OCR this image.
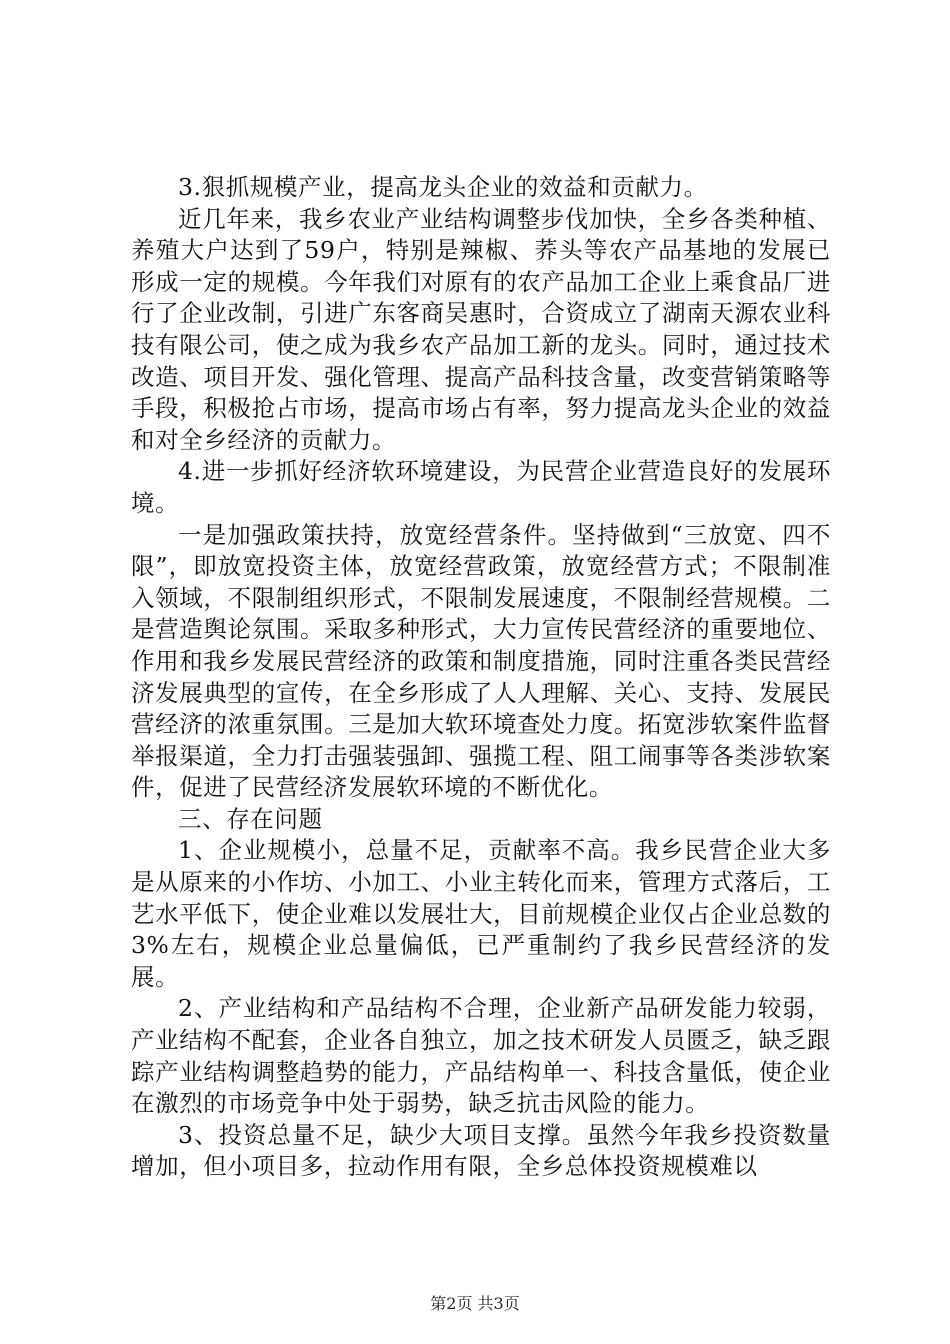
3.狠抓规模产业，提高龙头企业的效益和贡献力。

近几年来，我乡农业产业结构调整步伐加快，全乡各类种植、养殖大户达到了59户，特别是辣椒、荞头等农产品基地的发展已形成一定的规模。今年我们对原有的农产品加工企业上乘食品厂进行了企业改制，引进广东客商吴惠时，合资成立了湖南天源农业科技有限公司，使之成为我乡农产品加工新的龙头。同时，通过技术改造、项目开发、强化管理、提高产品科技含量，改变营销策略等手段，积极抢占市场，提高市场占有率，努力提高龙头企业的效益和对全乡经济的贡献力。

4.进一步抓好经济软环境建设，为民营企业营造良好的发展环境。

一是加强政策扶持，放宽经营条件。坚持做到“三放宽、四不限”，即放宽投资主体，放宽经营政策，放宽经营方式；不限制准入领域，不限制组织形式，不限制发展速度，不限制经营规模。二是营造舆论氛围。采取多种形式，大力宣传民营经济的重要地位、作用和我乡发展民营经济的政策和制度措施，同时注重各类民营经济发展典型的宣传，在全乡形成了人人理解、关心、支持、发展民营经济的浓重氛围。三是加大软环境查处力度。拓宽涉软案件监督举报渠道，全力打击强装强卸、强揽工程、阻工闹事等各类涉软案件，促进了民营经济发展软环境的不断优化。

三、存在问题

1、企业规模小，总量不足，贡献率不高。我乡民营企业大多是从原来的小作坊、小加工、小业主转化而来，管理方式落后，工艺水平低下，使企业难以发展壮大，目前规模企业仅占企业总数的3%左右，规模企业总量偏低，已严重制约了我乡民营经济的发展。

2、产业结构和产品结构不合理，企业新产品研发能力较弱，产业结构不配套，企业各自独立，加之技术研发人员匮乏，缺乏跟踪产业结构调整趋势的能力，产品结构单一、科技含量低，使企业在激烈的市场竞争中处于弱势，缺乏抗击风险的能力。

3、投资总量不足，缺少大项目支撑。虽然今年我乡投资数量增加，但小项目多，拉动作用有限，全乡总体投资规模难以

第2页 共3页
